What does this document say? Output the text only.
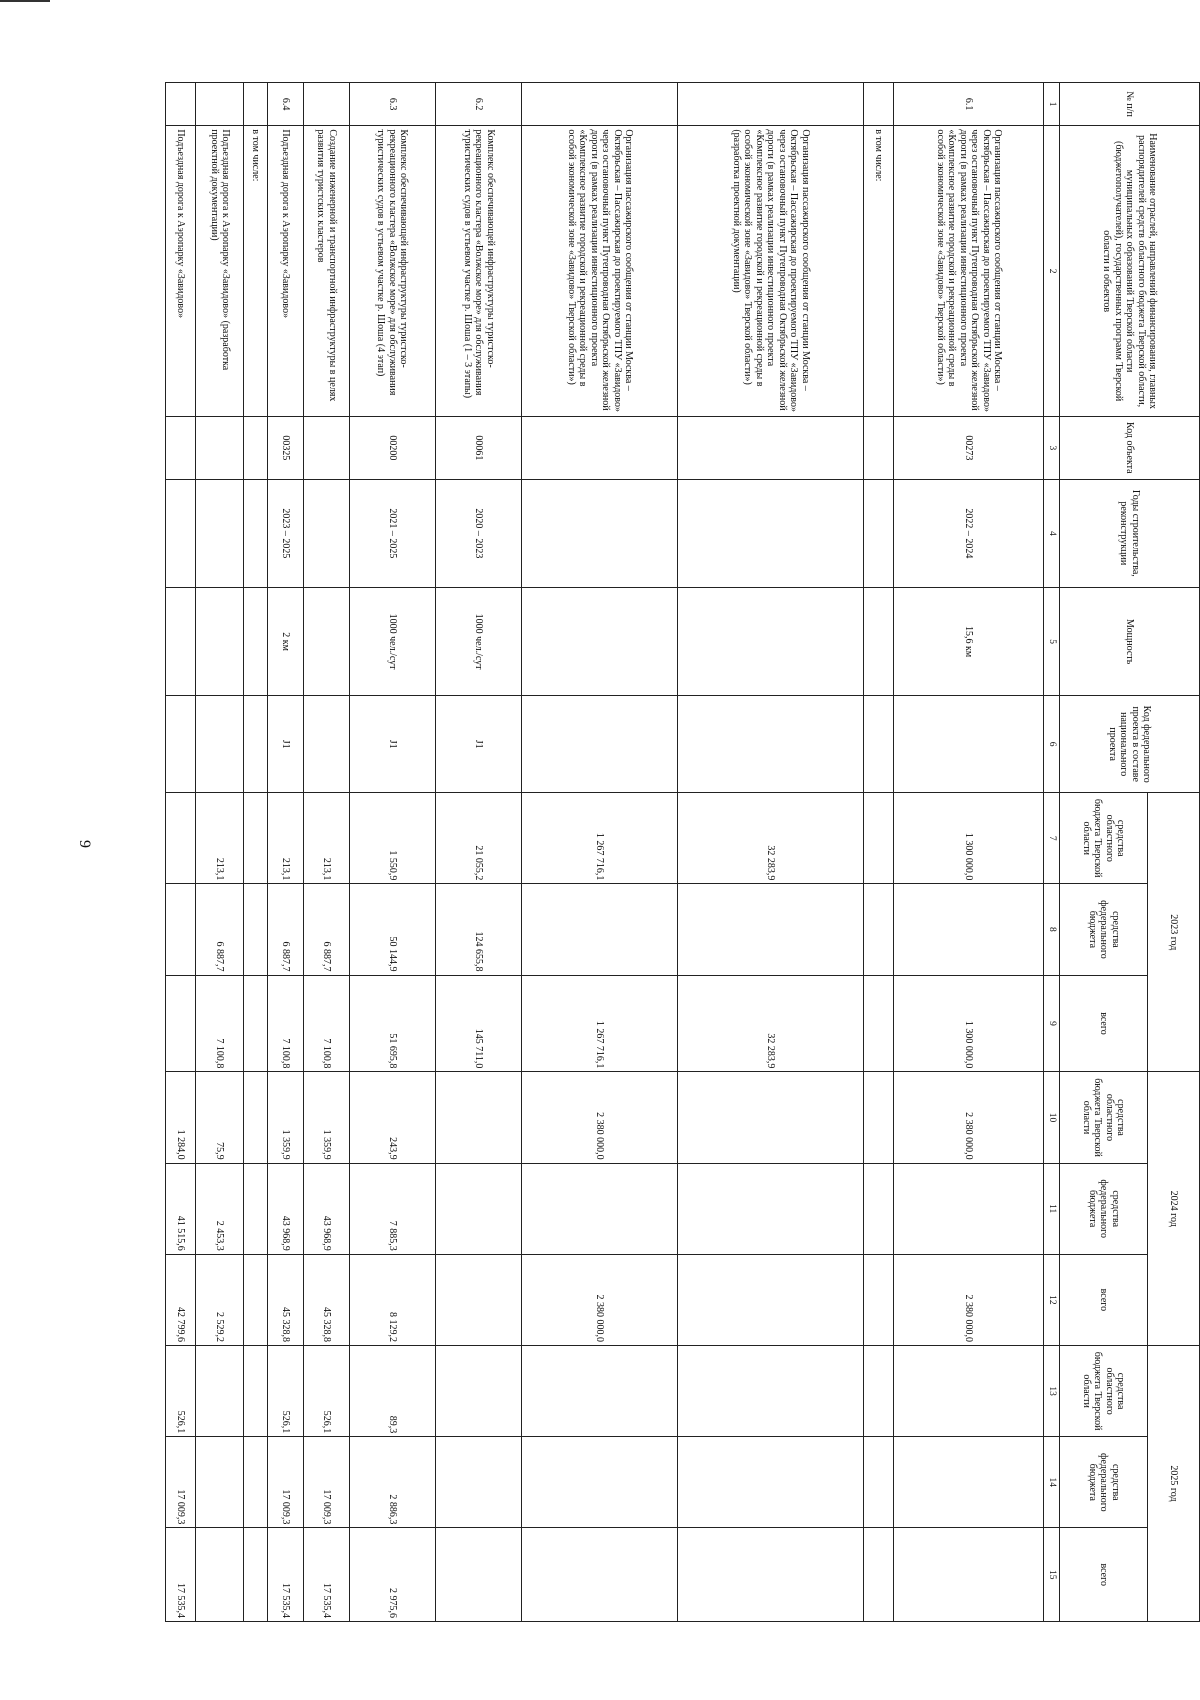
9
№ п/п	Наименование отраслей, направлений финансирования, главных распорядителей средств областного бюджета Тверской области, муниципальных образований Тверской области (бюджетополучателей), государственных программ Тверской области и объектов	Код объекта	Годы строительства, реконструкции	Мощность	Код федерального проекта в составе национального проекта	2023 год			2024 год			2025 год		
						средства областного бюджета Тверской области	средства федерального бюджета	всего	средства областного бюджета Тверской области	средства федерального бюджета	всего	средства областного бюджета Тверской области	средства федерального бюджета	всего
1	2	3	4	5	6	7	8	9	10	11	12	13	14	15
6.1	Организация пассажирского сообщения от станции Москва – Октябрьская – Пассажирская до проектируемого ТПУ «Завидово» через остановочный пункт Путепроводная Октябрьской железной дороги (в рамках реализации инвестиционного проекта «Комплексное развитие городской и рекреационной среды в особой экономической зоне «Завидово» Тверской области»)	00273	2022 – 2024	15,6 км		1 300 000,0		1 300 000,0	2 380 000,0		2 380 000,0			
	в том числе:													
	Организация пассажирского сообщения от станции Москва – Октябрьская – Пассажирская до проектируемого ТПУ «Завидово» через остановочный пункт Путепроводная Октябрьской железной дороги (в рамках реализации инвестиционного проекта «Комплексное развитие городской и рекреационной среды в особой экономической зоне «Завидово» Тверской области») (разработка проектной документации)					32 283,9		32 283,9						
	Организация пассажирского сообщения от станции Москва – Октябрьская – Пассажирская до проектируемого ТПУ «Завидово» через остановочный пункт Путепроводная Октябрьской железной дороги (в рамках реализации инвестиционного проекта «Комплексное развитие городской и рекреационной среды в особой экономической зоне «Завидово» Тверской области»)					1 267 716,1		1 267 716,1	2 380 000,0		2 380 000,0			
6.2	Комплекс обеспечивающей инфраструктуры туристско-рекреационного кластера «Волжское море» для обслуживания туристических судов в устьевом участке р. Шоша (1 – 3 этапы)	00061	2020 – 2023	1000 чел./сут	J1	21 055,2	124 655,8	145 711,0						
6.3	Комплекс обеспечивающей инфраструктуры туристско-рекреационного кластера «Волжское море» для обслуживания туристических судов в устьевом участке р. Шоша (4 этап)	00200	2021 – 2025	1000 чел./сут	J1	1 550,9	50 144,9	51 695,8	243,9	7 885,3	8 129,2	89,3	2 886,3	2 975,6
	Создание инженерной и транспортной инфраструктуры в целях развития туристских кластеров					213,1	6 887,7	7 100,8	1 359,9	43 968,9	45 328,8	526,1	17 009,3	17 535,4
6.4	Подъездная дорога к Аэропарку «Завидово»	00325	2023 – 2025	2 км	J1	213,1	6 887,7	7 100,8	1 359,9	43 968,9	45 328,8	526,1	17 009,3	17 535,4
	в том числе:													
	Подъездная дорога к Аэропарку «Завидово» (разработка проектной документации)					213,1	6 887,7	7 100,8	75,9	2 453,3	2 529,2			
	Подъездная дорога к Аэропарку «Завидово»								1 284,0	41 515,6	42 799,6	526,1	17 009,3	17 535,4
